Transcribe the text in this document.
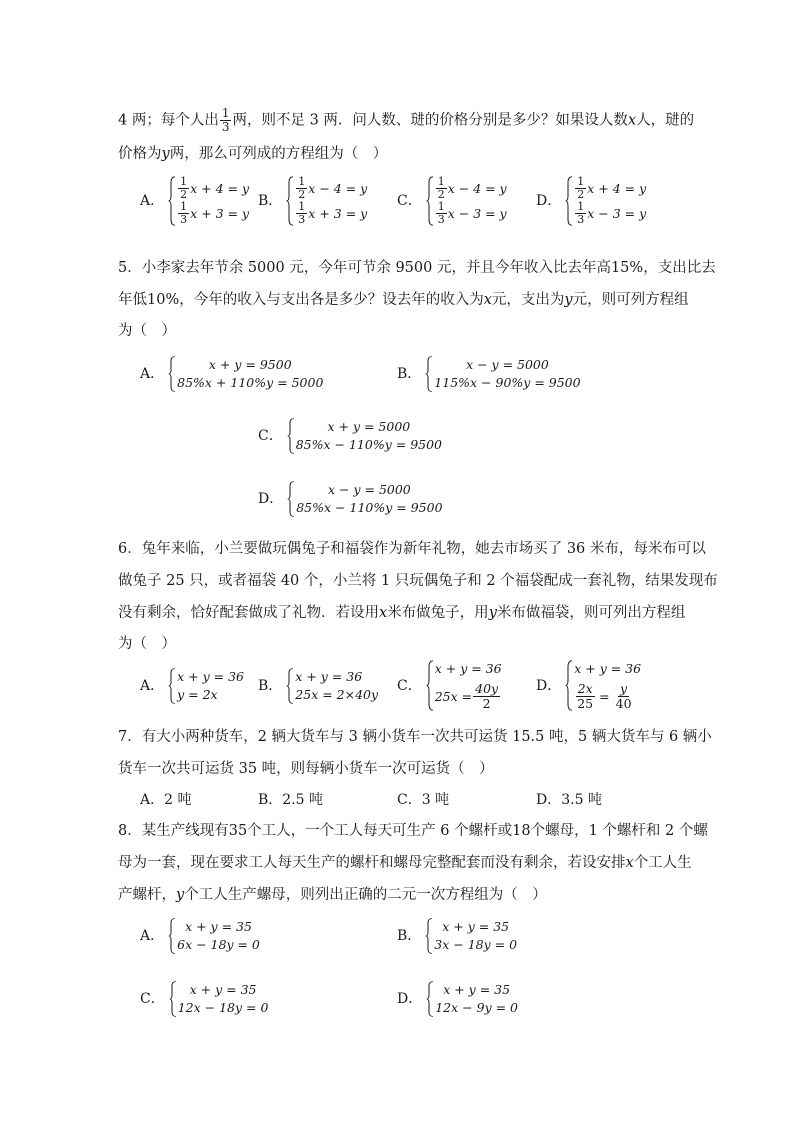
4 两；每个人出 $\frac{1}{3}$ 两，则不足 3 两．问人数、琎的价格分别是多少？如果设人数x人，琎的
价格为y两，那么可列成的方程组为（　）
A． $\frac{1}{2}$ x + 4 = y
$\frac{1}{3}$ x + 3 = y
B． $\frac{1}{2}$ x − 4 = y
$\frac{1}{3}$ x + 3 = y
C． $\frac{1}{2}$ x − 4 = y
$\frac{1}{3}$ x − 3 = y
D． $\frac{1}{2}$ x + 4 = y
$\frac{1}{3}$ x − 3 = y
5．小李家去年节余 5000 元，今年可节余 9500 元，并且今年收入比去年高15%，支出比去
年低10%，今年的收入与支出各是多少？设去年的收入为x元，支出为y元，则可列方程组
为（　）
A．
x + y = 9500
85%x + 110%y = 5000
B．
x − y = 5000
115%x − 90%y = 9500
C．
x + y = 5000
85%x − 110%y = 9500
D．
x − y = 5000
85%x − 110%y = 9500
6．兔年来临，小兰要做玩偶兔子和福袋作为新年礼物，她去市场买了 36 米布，每米布可以
做兔子 25 只，或者福袋 40 个，小兰将 1 只玩偶兔子和 2 个福袋配成一套礼物，结果发现布
没有剩余，恰好配套做成了礼物．若设用x米布做兔子，用y米布做福袋，则可列出方程组
为（　）
A．
x + y = 36
y = 2x
B．
x + y = 36
25x = 2×40y
C．
x + y = 36
$25x = \frac{40y}{2}$	D．
x + y = 36
$\frac{2x}{25} = \frac{y}{40}$
7．有大小两种货车，2 辆大货车与 3 辆小货车一次共可运货 15.5 吨，5 辆大货车与 6 辆小
货车一次共可运货 35 吨，则每辆小货车一次可运货（　）
A．2 吨	B．2.5 吨	C．3 吨	D．3.5 吨
8．某生产线现有35个工人，一个工人每天可生产 6 个螺杆或18个螺母，1 个螺杆和 2 个螺
母为一套，现在要求工人每天生产的螺杆和螺母完整配套而没有剩余，若设安排x个工人生
产螺杆，y个工人生产螺母，则列出正确的二元一次方程组为（　）
A．
x + y = 35
6x − 18y = 0
B．
x + y = 35
3x − 18y = 0
C．
x + y = 35
12x − 18y = 0
D．
x + y = 35
12x − 9y = 0
